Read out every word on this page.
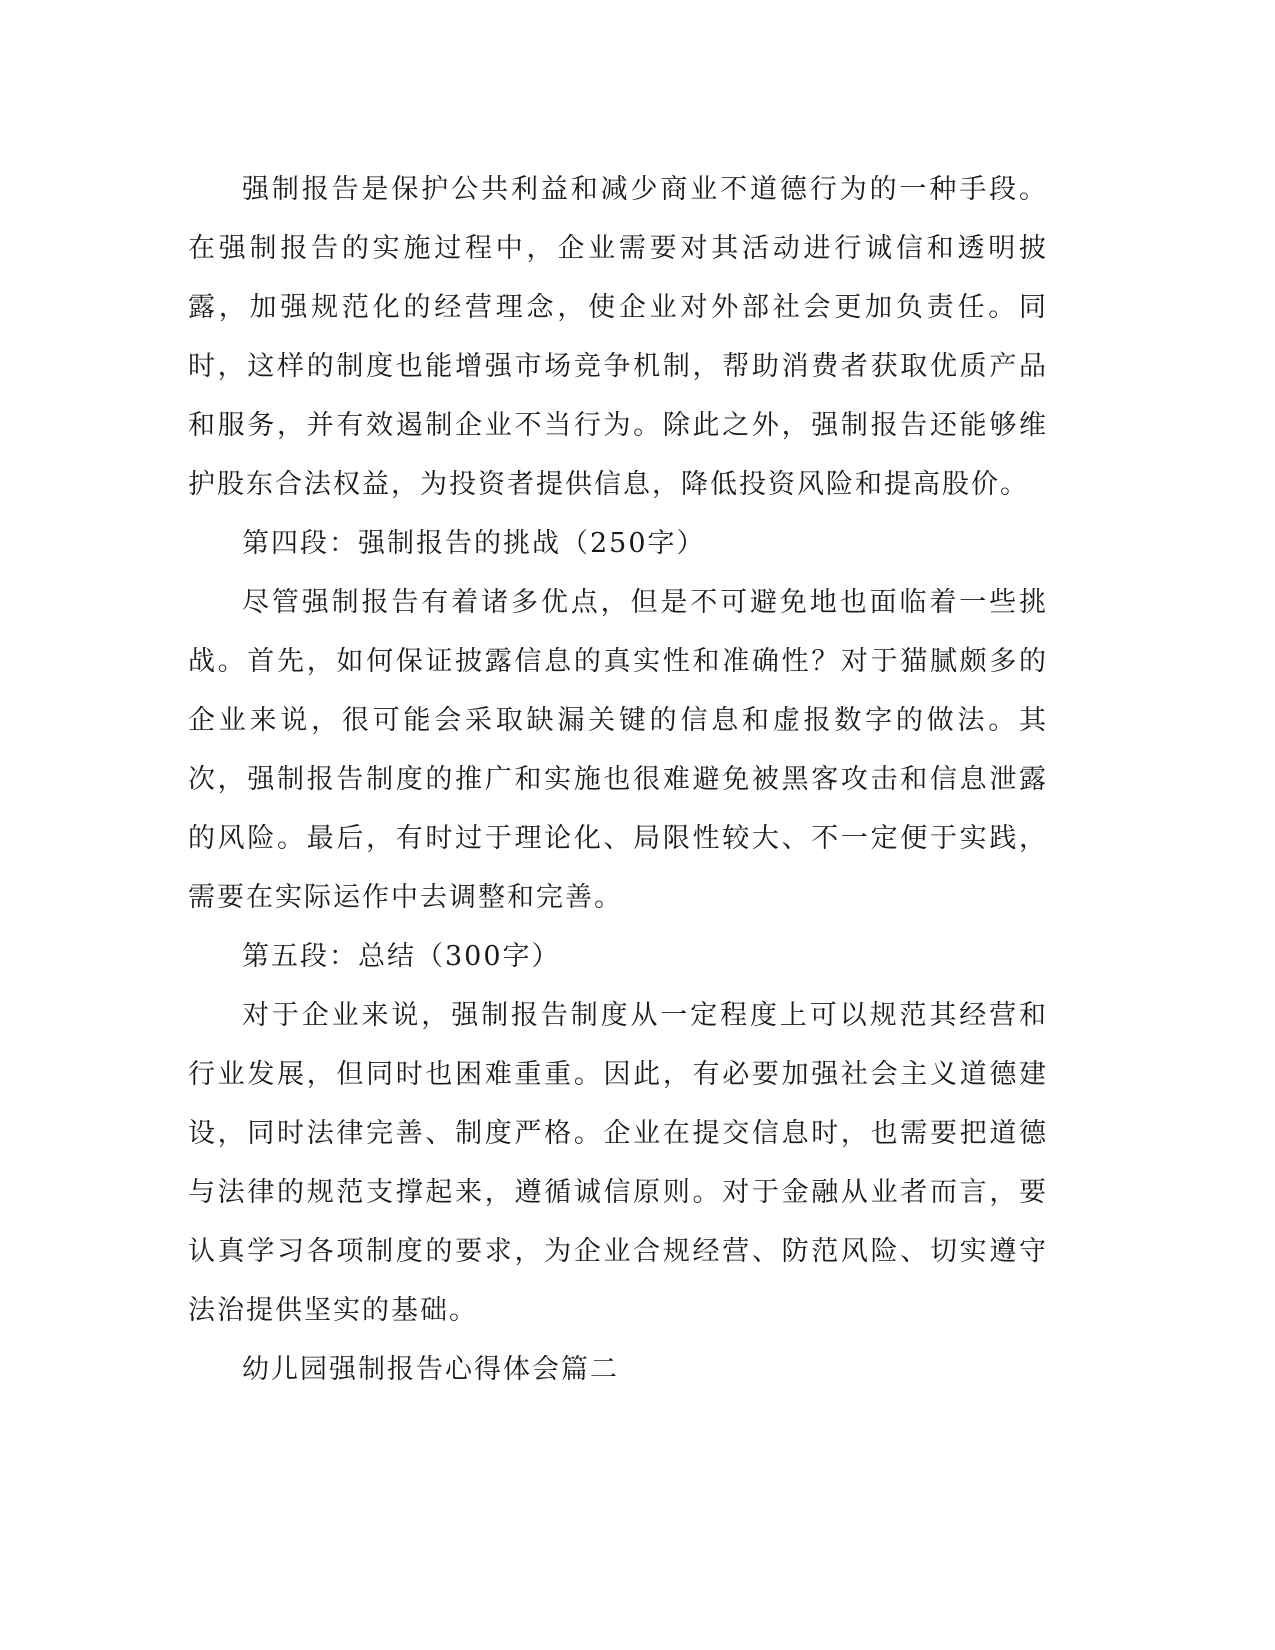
强制报告是保护公共利益和减少商业不道德行为的一种手段。在强制报告的实施过程中，企业需要对其活动进行诚信和透明披露，加强规范化的经营理念，使企业对外部社会更加负责任。同时，这样的制度也能增强市场竞争机制，帮助消费者获取优质产品和服务，并有效遏制企业不当行为。除此之外，强制报告还能够维护股东合法权益，为投资者提供信息，降低投资风险和提高股价。

第四段：强制报告的挑战（250字）

尽管强制报告有着诸多优点，但是不可避免地也面临着一些挑战。首先，如何保证披露信息的真实性和准确性？对于猫腻颇多的企业来说，很可能会采取缺漏关键的信息和虚报数字的做法。其次，强制报告制度的推广和实施也很难避免被黑客攻击和信息泄露的风险。最后，有时过于理论化、局限性较大、不一定便于实践，需要在实际运作中去调整和完善。

第五段：总结（300字）

对于企业来说，强制报告制度从一定程度上可以规范其经营和行业发展，但同时也困难重重。因此，有必要加强社会主义道德建设，同时法律完善、制度严格。企业在提交信息时，也需要把道德与法律的规范支撑起来，遵循诚信原则。对于金融从业者而言，要认真学习各项制度的要求，为企业合规经营、防范风险、切实遵守法治提供坚实的基础。

幼儿园强制报告心得体会篇二
